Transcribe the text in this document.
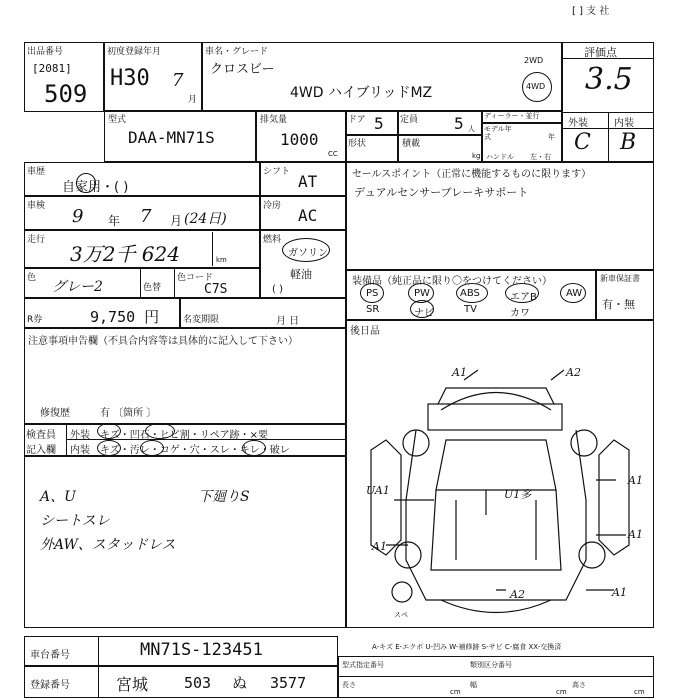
[ ] 支 社
出品番号
[2081]
509
初度登録年月
H30 7
月
車名・グレード
クロスビー
4WD ハイブリッドMZ
2WD
4WD
評価点
3.5
外装	内装
C B
型式
DAA-MN71S
排気量
1000
CC
ドア 5 定員 5 人
ディーラー・並行
形状	積載
kg
モデル年式	年
ハンドル 左・右
車歴
自家用・( )
シフト AT
車検 9 年 7 月 (24日)
冷房 AC
走行
3万2千 624	km
燃料
ガソリン
軽油
( )
色
グレー2	色替
色コード
C7S
R券	9,750 円	名変期限	月 日
注意事項申告欄（不具合内容等は具体的に記入して下さい）
修復歴	有 〔箇所 〕
検査員
記入欄
外装 キズ・凹石・ヒビ割・リペア跡・×要
内装 キズ・汚レ・コゲ・穴・スレ・キレ・破レ
A、U
シートスレ
外AW、スタッドレス
下廻りS
セールスポイント（正常に機能するものに限ります）
デュアルセンサーブレーキサポート
装備品（純正品に限り〇をつけてください）
PS	PW	ABS	エアB	AW
SR	ナビ	TV	カワ
新車保証書
有・無
後日品
A1	A2
UA1	U1多
A1
A1
A1
A1
A2
スペ
A-キズ E-エクボ U-凹み W-補修跡 S-サビ C-腐食 XX-交換済
車台番号	MN71S-123451
登録番号	宮城 503 ぬ 3577
型式指定番号	類別区分番号
長さ
cm
幅
cm
高さ
cm
